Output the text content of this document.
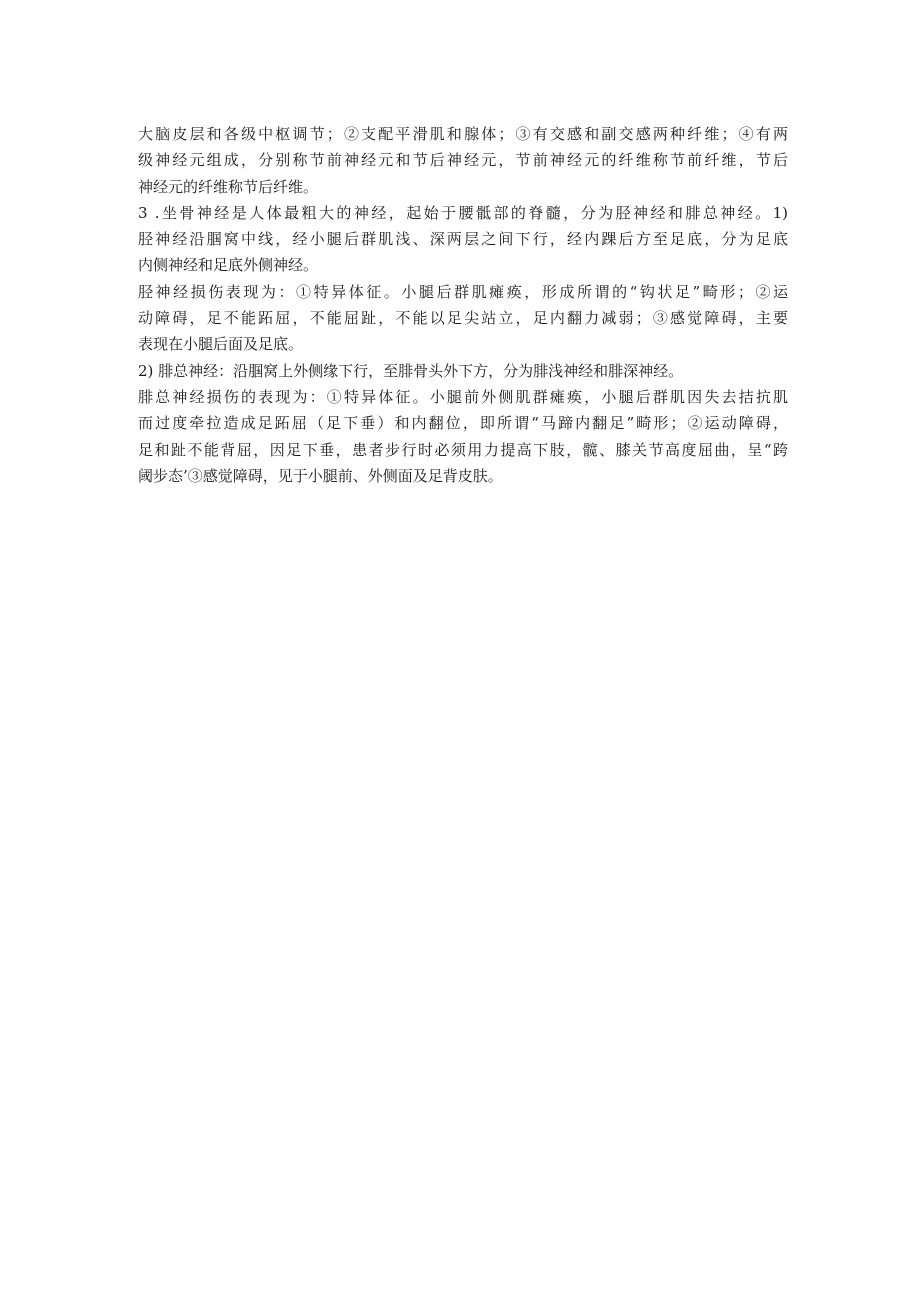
大脑皮层和各级中枢调节；②支配平滑肌和腺体；③有交感和副交感两种纤维；④有两
级神经元组成，分别称节前神经元和节后神经元，节前神经元的纤维称节前纤维，节后
神经元的纤维称节后纤维。
3 .坐骨神经是人体最粗大的神经，起始于腰骶部的脊髓，分为胫神经和腓总神经。1)
胫神经沿腘窝中线，经小腿后群肌浅、深两层之间下行，经内踝后方至足底，分为足底
内侧神经和足底外侧神经。
胫神经损伤表现为：①特异体征。小腿后群肌瘫痪，形成所谓的“钩状足”畸形；②运
动障碍，足不能跖屈，不能屈趾，不能以足尖站立，足内翻力减弱；③感觉障碍，主要
表现在小腿后面及足底。
2) 腓总神经：沿腘窝上外侧缘下行，至腓骨头外下方，分为腓浅神经和腓深神经。
腓总神经损伤的表现为：①特异体征。小腿前外侧肌群瘫痪，小腿后群肌因失去拮抗肌
而过度牵拉造成足跖屈（足下垂）和内翻位，即所谓“马蹄内翻足”畸形；②运动障碍，
足和趾不能背屈，因足下垂，患者步行时必须用力提高下肢，髋、膝关节高度屈曲，呈“跨
阈步态’③感觉障碍，见于小腿前、外侧面及足背皮肤。
